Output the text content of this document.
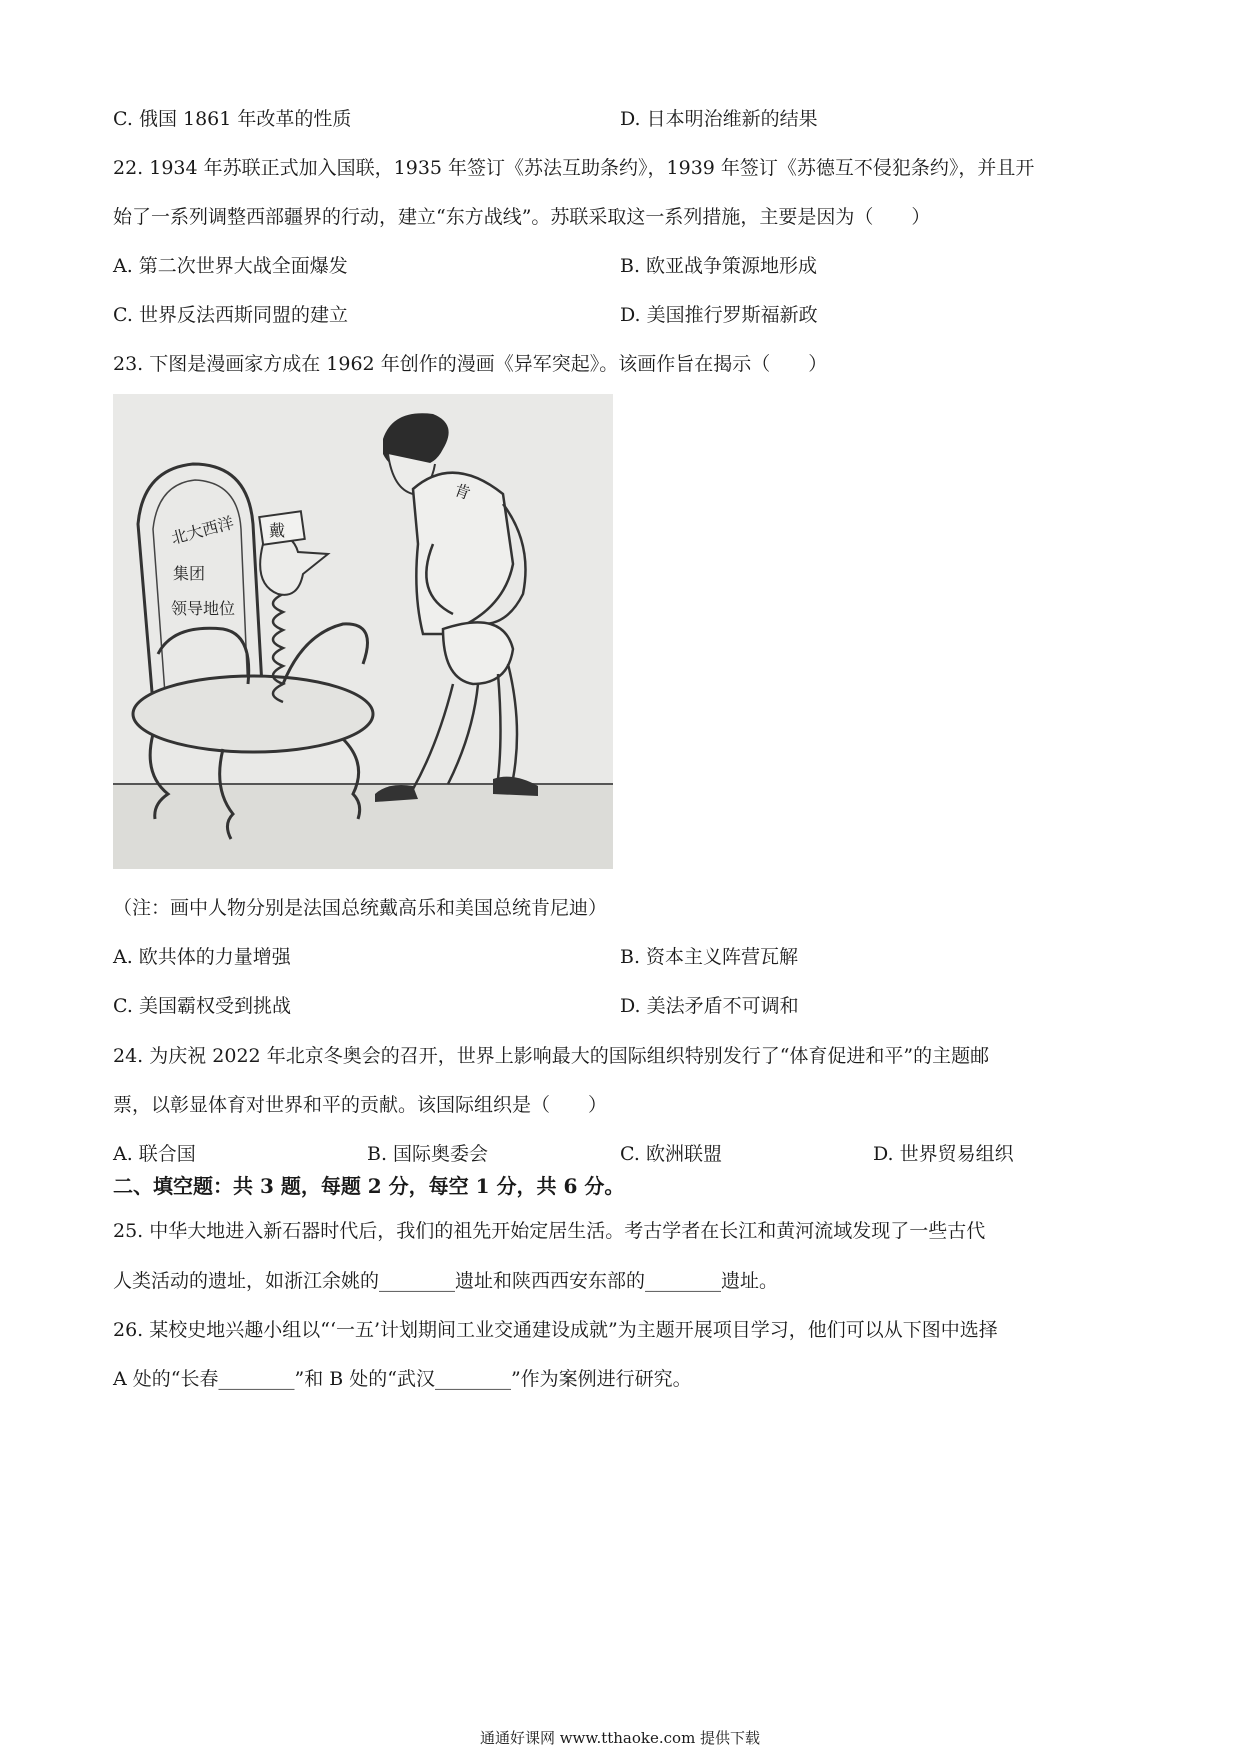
C. 俄国 1861 年改革的性质	D. 日本明治维新的结果
22. 1934 年苏联正式加入国联，1935 年签订《苏法互助条约》，1939 年签订《苏德互不侵犯条约》，并且开
始了一系列调整西部疆界的行动，建立“东方战线”。苏联采取这一系列措施，主要是因为（　　）
A. 第二次世界大战全面爆发	B. 欧亚战争策源地形成
C. 世界反法西斯同盟的建立	D. 美国推行罗斯福新政
23. 下图是漫画家方成在 1962 年创作的漫画《异军突起》。该画作旨在揭示（　　）
北大西洋
集团
领导地位
戴
肯
（注：画中人物分别是法国总统戴高乐和美国总统肯尼迪）
A. 欧共体的力量增强	B. 资本主义阵营瓦解
C. 美国霸权受到挑战	D. 美法矛盾不可调和
24. 为庆祝 2022 年北京冬奥会的召开，世界上影响最大的国际组织特别发行了“体育促进和平”的主题邮
票，以彰显体育对世界和平的贡献。该国际组织是（　　）
A. 联合国	B. 国际奥委会	C. 欧洲联盟	D. 世界贸易组织
二、填空题：共 3 题，每题 2 分，每空 1 分，共 6 分。
25. 中华大地进入新石器时代后，我们的祖先开始定居生活。考古学者在长江和黄河流域发现了一些古代
人类活动的遗址，如浙江余姚的________遗址和陕西西安东部的________遗址。
26. 某校史地兴趣小组以“‘一五’计划期间工业交通建设成就”为主题开展项目学习，他们可以从下图中选择
A 处的“长春________”和 B 处的“武汉________”作为案例进行研究。
通通好课网 www.tthaoke.com 提供下载
